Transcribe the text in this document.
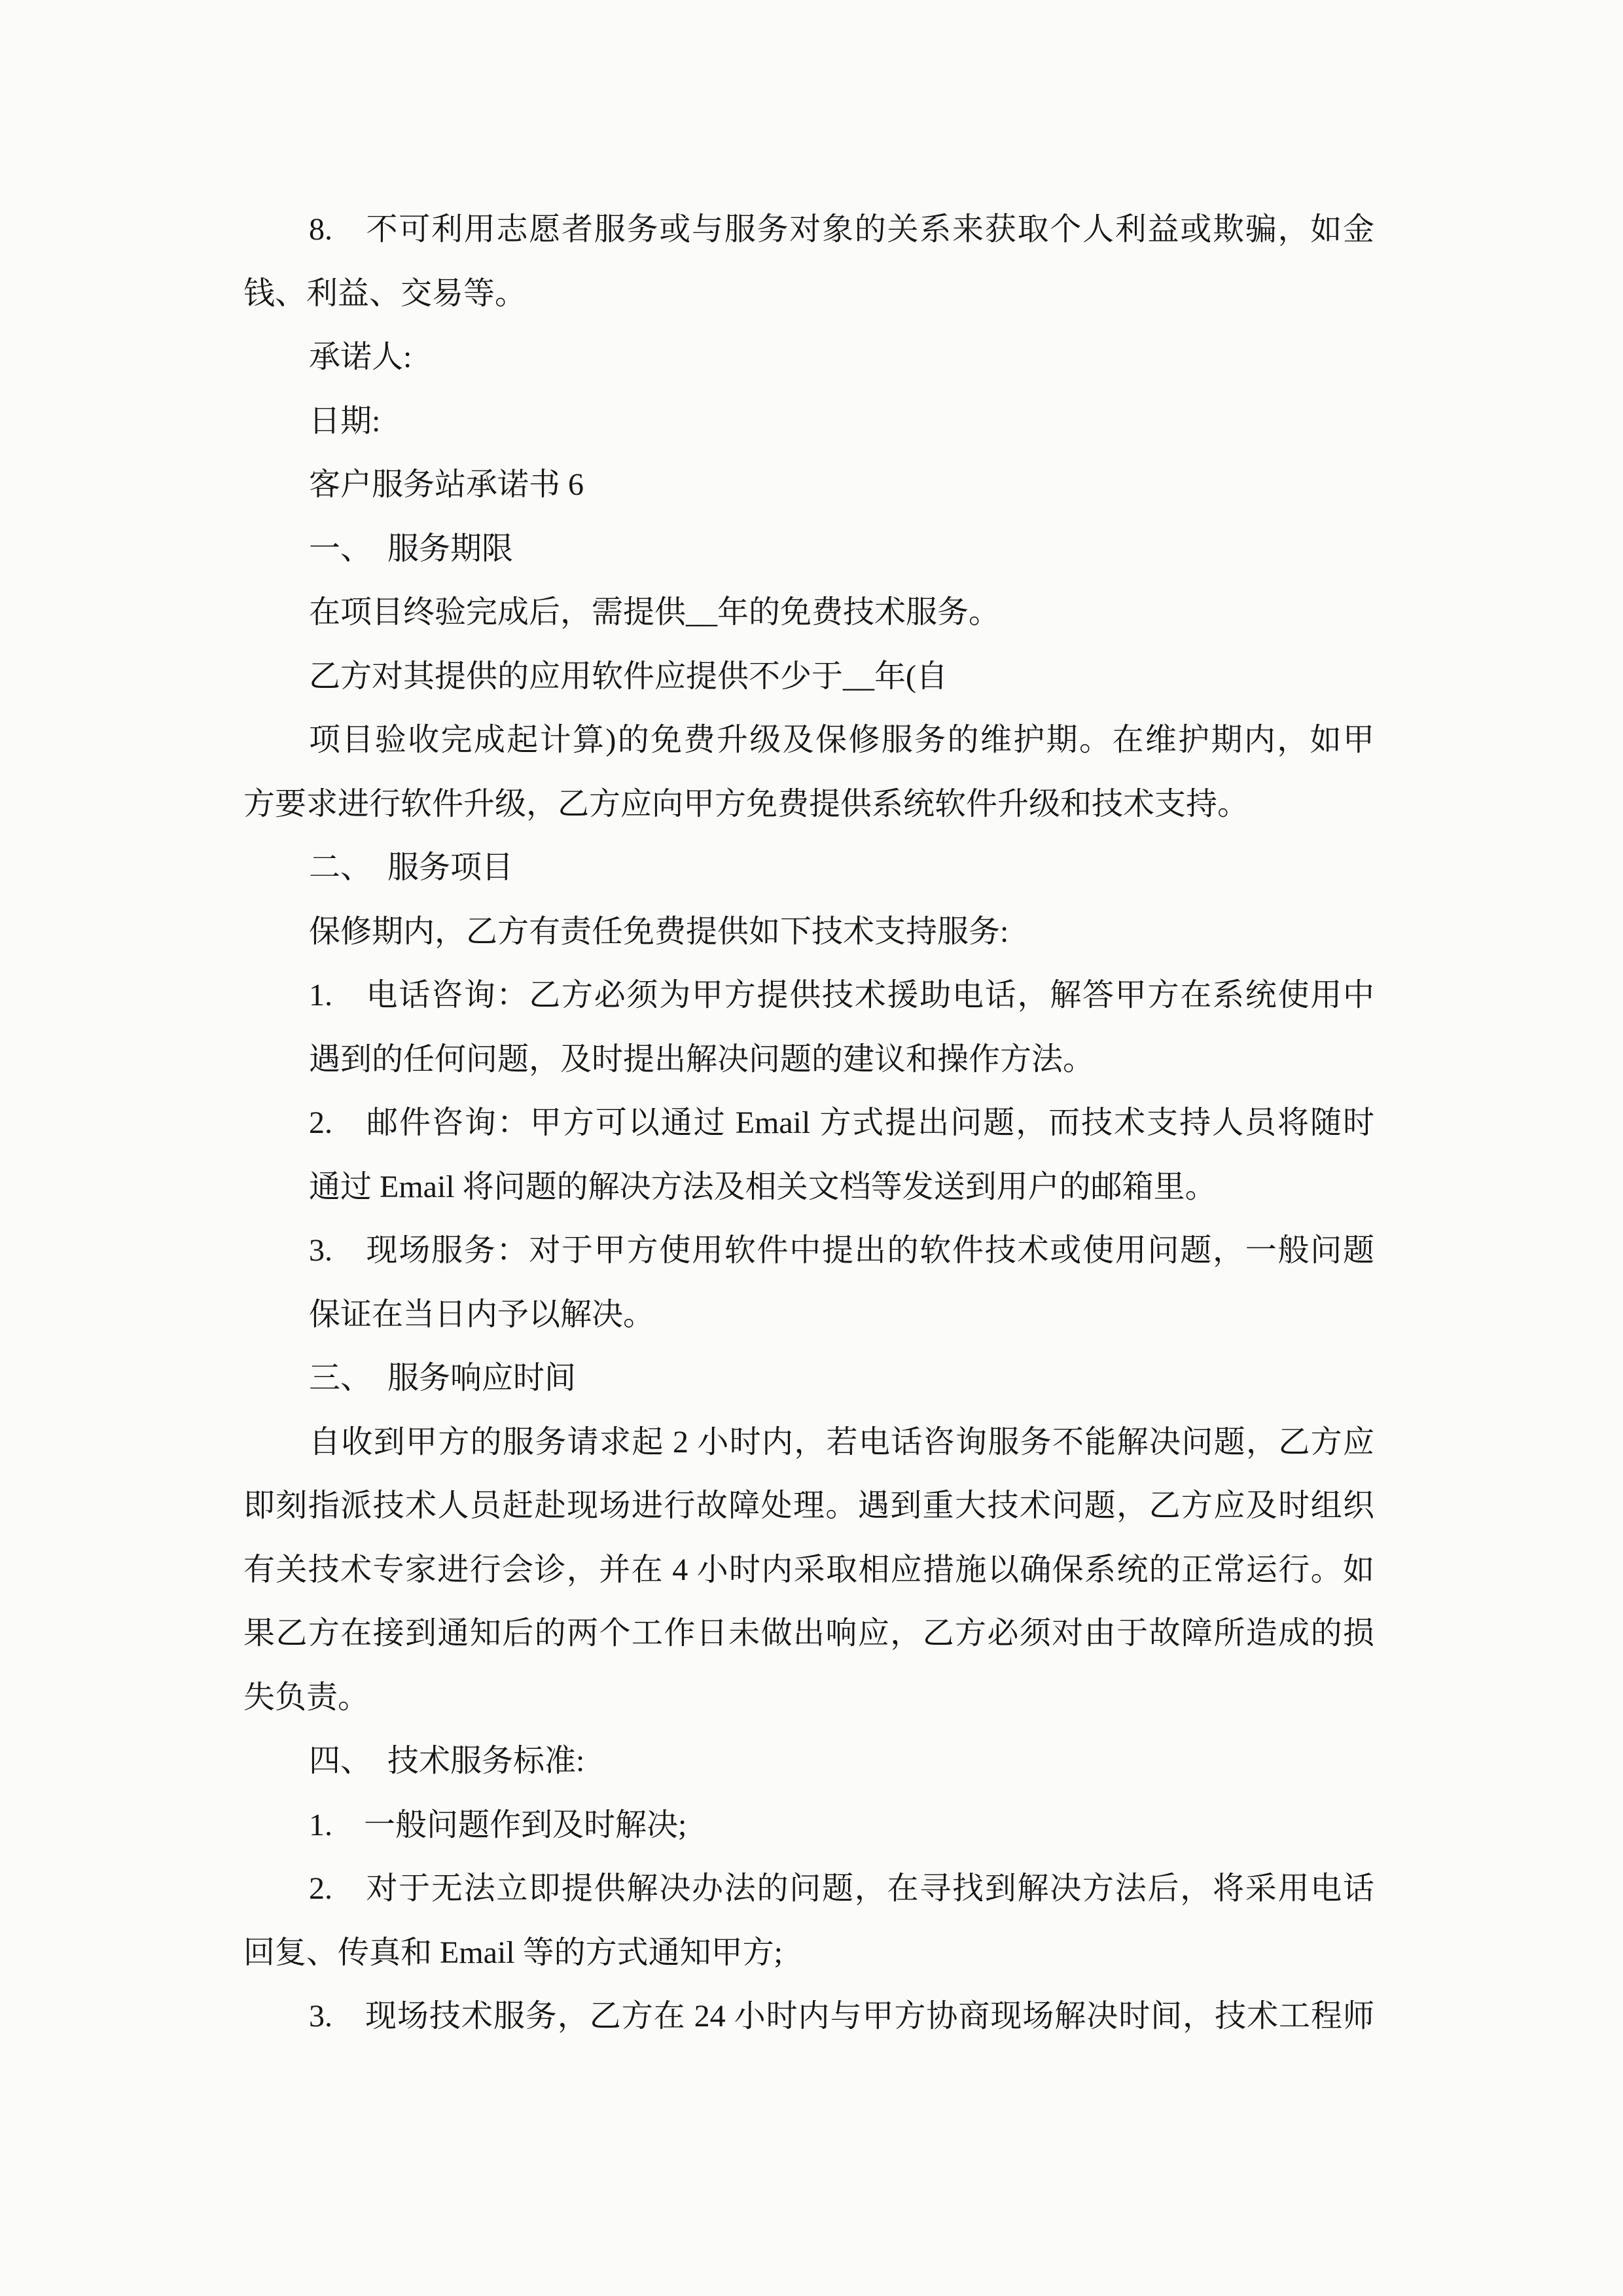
8.　不可利用志愿者服务或与服务对象的关系来获取个人利益或欺骗，如金
钱、利益、交易等。
承诺人:
日期:
客户服务站承诺书 6
一、　服务期限
在项目终验完成后，需提供__年的免费技术服务。
乙方对其提供的应用软件应提供不少于__年(自
项目验收完成起计算)的免费升级及保修服务的维护期。在维护期内，如甲
方要求进行软件升级，乙方应向甲方免费提供系统软件升级和技术支持。
二、　服务项目
保修期内，乙方有责任免费提供如下技术支持服务:
1.　电话咨询：乙方必须为甲方提供技术援助电话，解答甲方在系统使用中
遇到的任何问题，及时提出解决问题的建议和操作方法。
2.　邮件咨询：甲方可以通过 Email 方式提出问题，而技术支持人员将随时
通过 Email 将问题的解决方法及相关文档等发送到用户的邮箱里。
3.　现场服务：对于甲方使用软件中提出的软件技术或使用问题，一般问题
保证在当日内予以解决。
三、　服务响应时间
自收到甲方的服务请求起 2 小时内，若电话咨询服务不能解决问题，乙方应
即刻指派技术人员赶赴现场进行故障处理。遇到重大技术问题，乙方应及时组织
有关技术专家进行会诊，并在 4 小时内采取相应措施以确保系统的正常运行。如
果乙方在接到通知后的两个工作日未做出响应，乙方必须对由于故障所造成的损
失负责。
四、　技术服务标准:
1.　一般问题作到及时解决;
2.　对于无法立即提供解决办法的问题，在寻找到解决方法后，将采用电话
回复、传真和 Email 等的方式通知甲方;
3.　现场技术服务，乙方在 24 小时内与甲方协商现场解决时间，技术工程师
